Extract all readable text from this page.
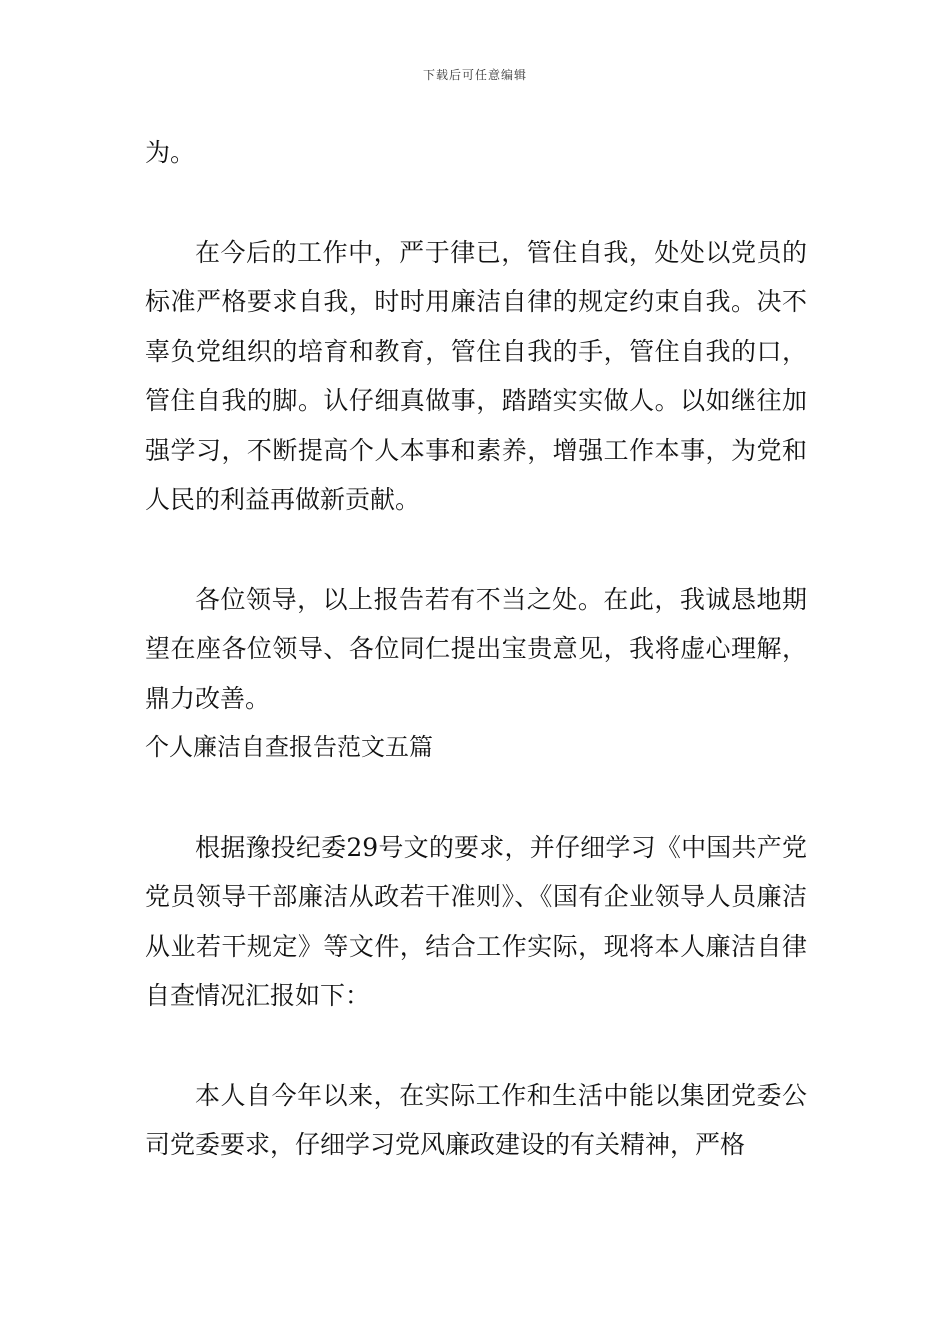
下载后可任意编辑

为。

在今后的工作中，严于律已，管住自我，处处以党员的标准严格要求自我，时时用廉洁自律的规定约束自我。决不辜负党组织的培育和教育，管住自我的手，管住自我的口，管住自我的脚。认仔细真做事，踏踏实实做人。以如继往加强学习，不断提高个人本事和素养，增强工作本事，为党和人民的利益再做新贡献。

各位领导，以上报告若有不当之处。在此，我诚恳地期望在座各位领导、各位同仁提出宝贵意见，我将虚心理解，鼎力改善。

个人廉洁自查报告范文五篇

根据豫投纪委29号文的要求，并仔细学习《中国共产党党员领导干部廉洁从政若干准则》、《国有企业领导人员廉洁从业若干规定》等文件，结合工作实际，现将本人廉洁自律自查情况汇报如下：

本人自今年以来，在实际工作和生活中能以集团党委公司党委要求，仔细学习党风廉政建设的有关精神，严格
